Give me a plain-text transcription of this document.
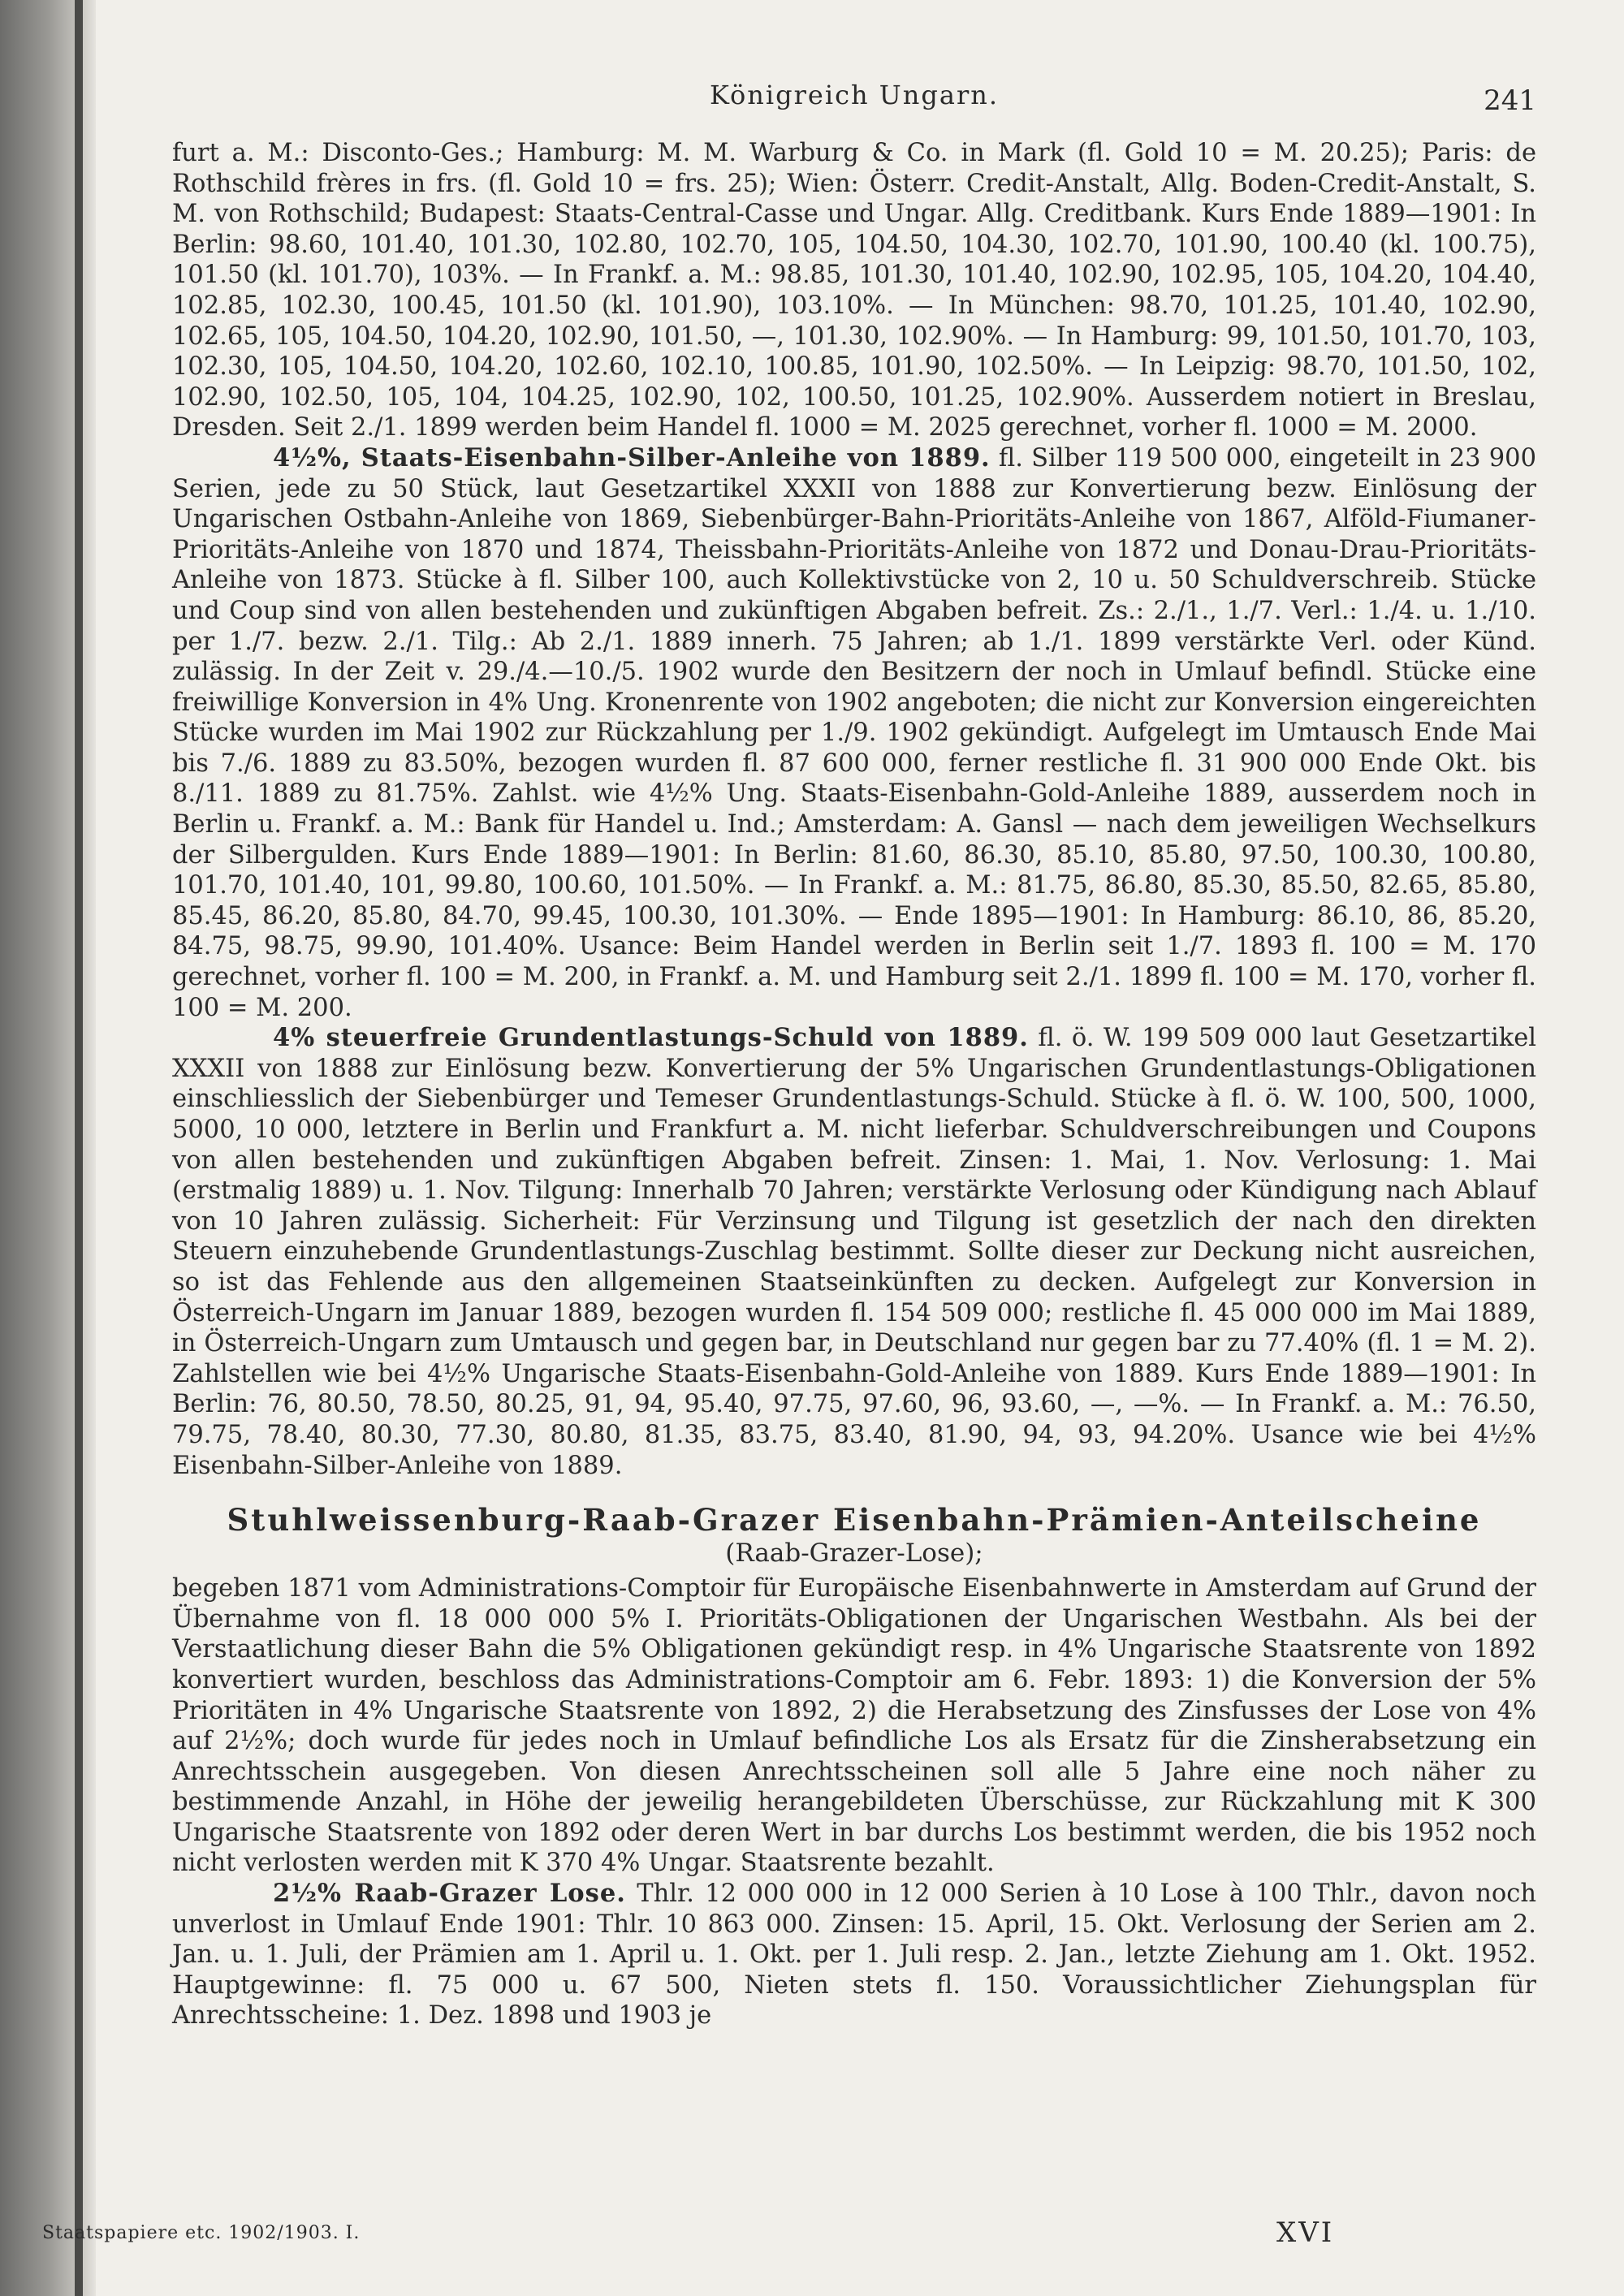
Königreich Ungarn.	241

furt a. M.: Disconto-Ges.; Hamburg: M. M. Warburg & Co. in Mark (fl. Gold 10 = M. 20.25); Paris: de Rothschild frères in frs. (fl. Gold 10 = frs. 25); Wien: Österr. Credit-Anstalt, Allg. Boden-Credit-Anstalt, S. M. von Rothschild; Budapest: Staats-Central-Casse und Ungar. Allg. Creditbank. Kurs Ende 1889—1901: In Berlin: 98.60, 101.40, 101.30, 102.80, 102.70, 105, 104.50, 104.30, 102.70, 101.90, 100.40 (kl. 100.75), 101.50 (kl. 101.70), 103%. — In Frankf. a. M.: 98.85, 101.30, 101.40, 102.90, 102.95, 105, 104.20, 104.40, 102.85, 102.30, 100.45, 101.50 (kl. 101.90), 103.10%. — In München: 98.70, 101.25, 101.40, 102.90, 102.65, 105, 104.50, 104.20, 102.90, 101.50, —, 101.30, 102.90%. — In Hamburg: 99, 101.50, 101.70, 103, 102.30, 105, 104.50, 104.20, 102.60, 102.10, 100.85, 101.90, 102.50%. — In Leipzig: 98.70, 101.50, 102, 102.90, 102.50, 105, 104, 104.25, 102.90, 102, 100.50, 101.25, 102.90%. Ausserdem notiert in Breslau, Dresden. Seit 2./1. 1899 werden beim Handel fl. 1000 = M. 2025 gerechnet, vorher fl. 1000 = M. 2000.

4½%, Staats-Eisenbahn-Silber-Anleihe von 1889. fl. Silber 119 500 000, eingeteilt in 23 900 Serien, jede zu 50 Stück, laut Gesetzartikel XXXII von 1888 zur Konvertierung bezw. Einlösung der Ungarischen Ostbahn-Anleihe von 1869, Siebenbürger-Bahn-Prioritäts-Anleihe von 1867, Alföld-Fiumaner-Prioritäts-Anleihe von 1870 und 1874, Theissbahn-Prioritäts-Anleihe von 1872 und Donau-Drau-Prioritäts-Anleihe von 1873. Stücke à fl. Silber 100, auch Kollektivstücke von 2, 10 u. 50 Schuldverschreib. Stücke und Coup sind von allen bestehenden und zukünftigen Abgaben befreit. Zs.: 2./1., 1./7. Verl.: 1./4. u. 1./10. per 1./7. bezw. 2./1. Tilg.: Ab 2./1. 1889 innerh. 75 Jahren; ab 1./1. 1899 verstärkte Verl. oder Künd. zulässig. In der Zeit v. 29./4.—10./5. 1902 wurde den Besitzern der noch in Umlauf befindl. Stücke eine freiwillige Konversion in 4% Ung. Kronenrente von 1902 angeboten; die nicht zur Konversion eingereichten Stücke wurden im Mai 1902 zur Rückzahlung per 1./9. 1902 gekündigt. Aufgelegt im Umtausch Ende Mai bis 7./6. 1889 zu 83.50%, bezogen wurden fl. 87 600 000, ferner restliche fl. 31 900 000 Ende Okt. bis 8./11. 1889 zu 81.75%. Zahlst. wie 4½% Ung. Staats-Eisenbahn-Gold-Anleihe 1889, ausserdem noch in Berlin u. Frankf. a. M.: Bank für Handel u. Ind.; Amsterdam: A. Gansl — nach dem jeweiligen Wechselkurs der Silbergulden. Kurs Ende 1889—1901: In Berlin: 81.60, 86.30, 85.10, 85.80, 97.50, 100.30, 100.80, 101.70, 101.40, 101, 99.80, 100.60, 101.50%. — In Frankf. a. M.: 81.75, 86.80, 85.30, 85.50, 82.65, 85.80, 85.45, 86.20, 85.80, 84.70, 99.45, 100.30, 101.30%. — Ende 1895—1901: In Hamburg: 86.10, 86, 85.20, 84.75, 98.75, 99.90, 101.40%. Usance: Beim Handel werden in Berlin seit 1./7. 1893 fl. 100 = M. 170 gerechnet, vorher fl. 100 = M. 200, in Frankf. a. M. und Hamburg seit 2./1. 1899 fl. 100 = M. 170, vorher fl. 100 = M. 200.

4% steuerfreie Grundentlastungs-Schuld von 1889. fl. ö. W. 199 509 000 laut Gesetzartikel XXXII von 1888 zur Einlösung bezw. Konvertierung der 5% Ungarischen Grundentlastungs-Obligationen einschliesslich der Siebenbürger und Temeser Grundentlastungs-Schuld. Stücke à fl. ö. W. 100, 500, 1000, 5000, 10 000, letztere in Berlin und Frankfurt a. M. nicht lieferbar. Schuldverschreibungen und Coupons von allen bestehenden und zukünftigen Abgaben befreit. Zinsen: 1. Mai, 1. Nov. Verlosung: 1. Mai (erstmalig 1889) u. 1. Nov. Tilgung: Innerhalb 70 Jahren; verstärkte Verlosung oder Kündigung nach Ablauf von 10 Jahren zulässig. Sicherheit: Für Verzinsung und Tilgung ist gesetzlich der nach den direkten Steuern einzuhebende Grundentlastungs-Zuschlag bestimmt. Sollte dieser zur Deckung nicht ausreichen, so ist das Fehlende aus den allgemeinen Staatseinkünften zu decken. Aufgelegt zur Konversion in Österreich-Ungarn im Januar 1889, bezogen wurden fl. 154 509 000; restliche fl. 45 000 000 im Mai 1889, in Österreich-Ungarn zum Umtausch und gegen bar, in Deutschland nur gegen bar zu 77.40% (fl. 1 = M. 2). Zahlstellen wie bei 4½% Ungarische Staats-Eisenbahn-Gold-Anleihe von 1889. Kurs Ende 1889—1901: In Berlin: 76, 80.50, 78.50, 80.25, 91, 94, 95.40, 97.75, 97.60, 96, 93.60, —, —%. — In Frankf. a. M.: 76.50, 79.75, 78.40, 80.30, 77.30, 80.80, 81.35, 83.75, 83.40, 81.90, 94, 93, 94.20%. Usance wie bei 4½% Eisenbahn-Silber-Anleihe von 1889.

Stuhlweissenburg-Raab-Grazer Eisenbahn-Prämien-Anteilscheine
(Raab-Grazer-Lose);

begeben 1871 vom Administrations-Comptoir für Europäische Eisenbahnwerte in Amsterdam auf Grund der Übernahme von fl. 18 000 000 5% I. Prioritäts-Obligationen der Ungarischen Westbahn. Als bei der Verstaatlichung dieser Bahn die 5% Obligationen gekündigt resp. in 4% Ungarische Staatsrente von 1892 konvertiert wurden, beschloss das Administrations-Comptoir am 6. Febr. 1893: 1) die Konversion der 5% Prioritäten in 4% Ungarische Staatsrente von 1892, 2) die Herabsetzung des Zinsfusses der Lose von 4% auf 2½%; doch wurde für jedes noch in Umlauf befindliche Los als Ersatz für die Zinsherabsetzung ein Anrechtsschein ausgegeben. Von diesen Anrechtsscheinen soll alle 5 Jahre eine noch näher zu bestimmende Anzahl, in Höhe der jeweilig herangebildeten Überschüsse, zur Rückzahlung mit K 300 Ungarische Staatsrente von 1892 oder deren Wert in bar durchs Los bestimmt werden, die bis 1952 noch nicht verlosten werden mit K 370 4% Ungar. Staatsrente bezahlt.

2½% Raab-Grazer Lose. Thlr. 12 000 000 in 12 000 Serien à 10 Lose à 100 Thlr., davon noch unverlost in Umlauf Ende 1901: Thlr. 10 863 000. Zinsen: 15. April, 15. Okt. Verlosung der Serien am 2. Jan. u. 1. Juli, der Prämien am 1. April u. 1. Okt. per 1. Juli resp. 2. Jan., letzte Ziehung am 1. Okt. 1952. Hauptgewinne: fl. 75 000 u. 67 500, Nieten stets fl. 150. Voraussichtlicher Ziehungsplan für Anrechtsscheine: 1. Dez. 1898 und 1903 je

Staatspapiere etc. 1902/1903. I.	XVI
